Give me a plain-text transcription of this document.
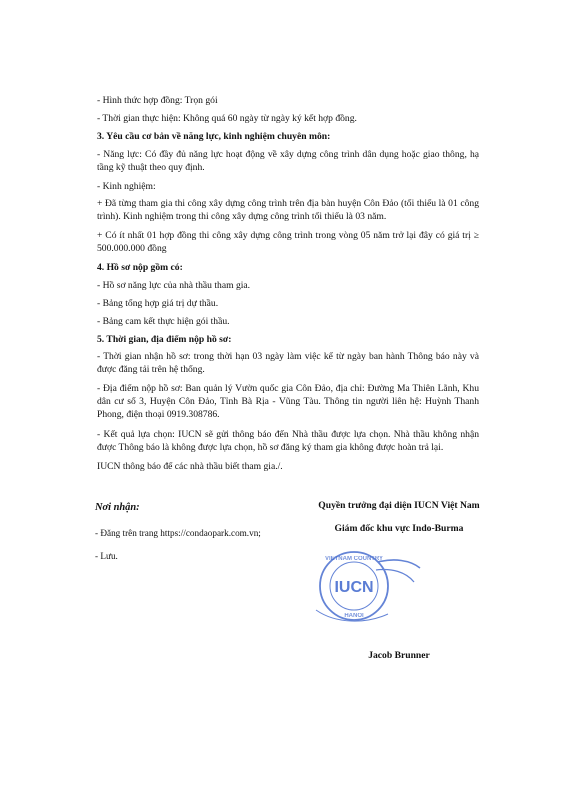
- Hình thức hợp đồng: Trọn gói
- Thời gian thực hiện: Không quá 60 ngày từ ngày ký kết hợp đồng.
3. Yêu cầu cơ bản về năng lực, kinh nghiệm chuyên môn:
- Năng lực: Có đầy đủ năng lực hoạt động về xây dựng công trình dân dụng hoặc giao thông, hạ tầng kỹ thuật theo quy định.
- Kinh nghiệm:
+ Đã từng tham gia thi công xây dựng công trình trên địa bàn huyện Côn Đảo (tối thiểu là 01 công trình). Kinh nghiệm trong thi công xây dựng công trình tối thiểu là 03 năm.
+ Có ít nhất 01 hợp đồng thi công xây dựng công trình trong vòng 05 năm trở lại đây có giá trị ≥ 500.000.000 đồng
4. Hồ sơ nộp gồm có:
- Hồ sơ năng lực của nhà thầu tham gia.
- Bảng tổng hợp giá trị dự thầu.
- Bảng cam kết thực hiện gói thầu.
5. Thời gian, địa điểm nộp hồ sơ:
- Thời gian nhận hồ sơ: trong thời hạn 03 ngày làm việc kể từ ngày ban hành Thông báo này và được đăng tải trên hệ thống.
- Địa điểm nộp hồ sơ: Ban quản lý Vườn quốc gia Côn Đảo, địa chỉ: Đường Ma Thiên Lãnh, Khu dân cư số 3, Huyện Côn Đảo, Tỉnh Bà Rịa - Vũng Tàu. Thông tin người liên hệ: Huỳnh Thanh Phong, điện thoại 0919.308786.
- Kết quả lựa chọn: IUCN sẽ gửi thông báo đến Nhà thầu được lựa chọn. Nhà thầu không nhận được Thông báo là không được lựa chọn, hồ sơ đăng ký tham gia không được hoàn trả lại.
IUCN thông báo để các nhà thầu biết tham gia./.
Nơi nhận:
- Đăng trên trang https://condaopark.com.vn;
- Lưu.
Quyền trưởng đại diện IUCN Việt Nam
Giám đốc khu vực Indo-Burma
IUCN
VIETNAM COUNTRY
HANOI
Jacob Brunner
